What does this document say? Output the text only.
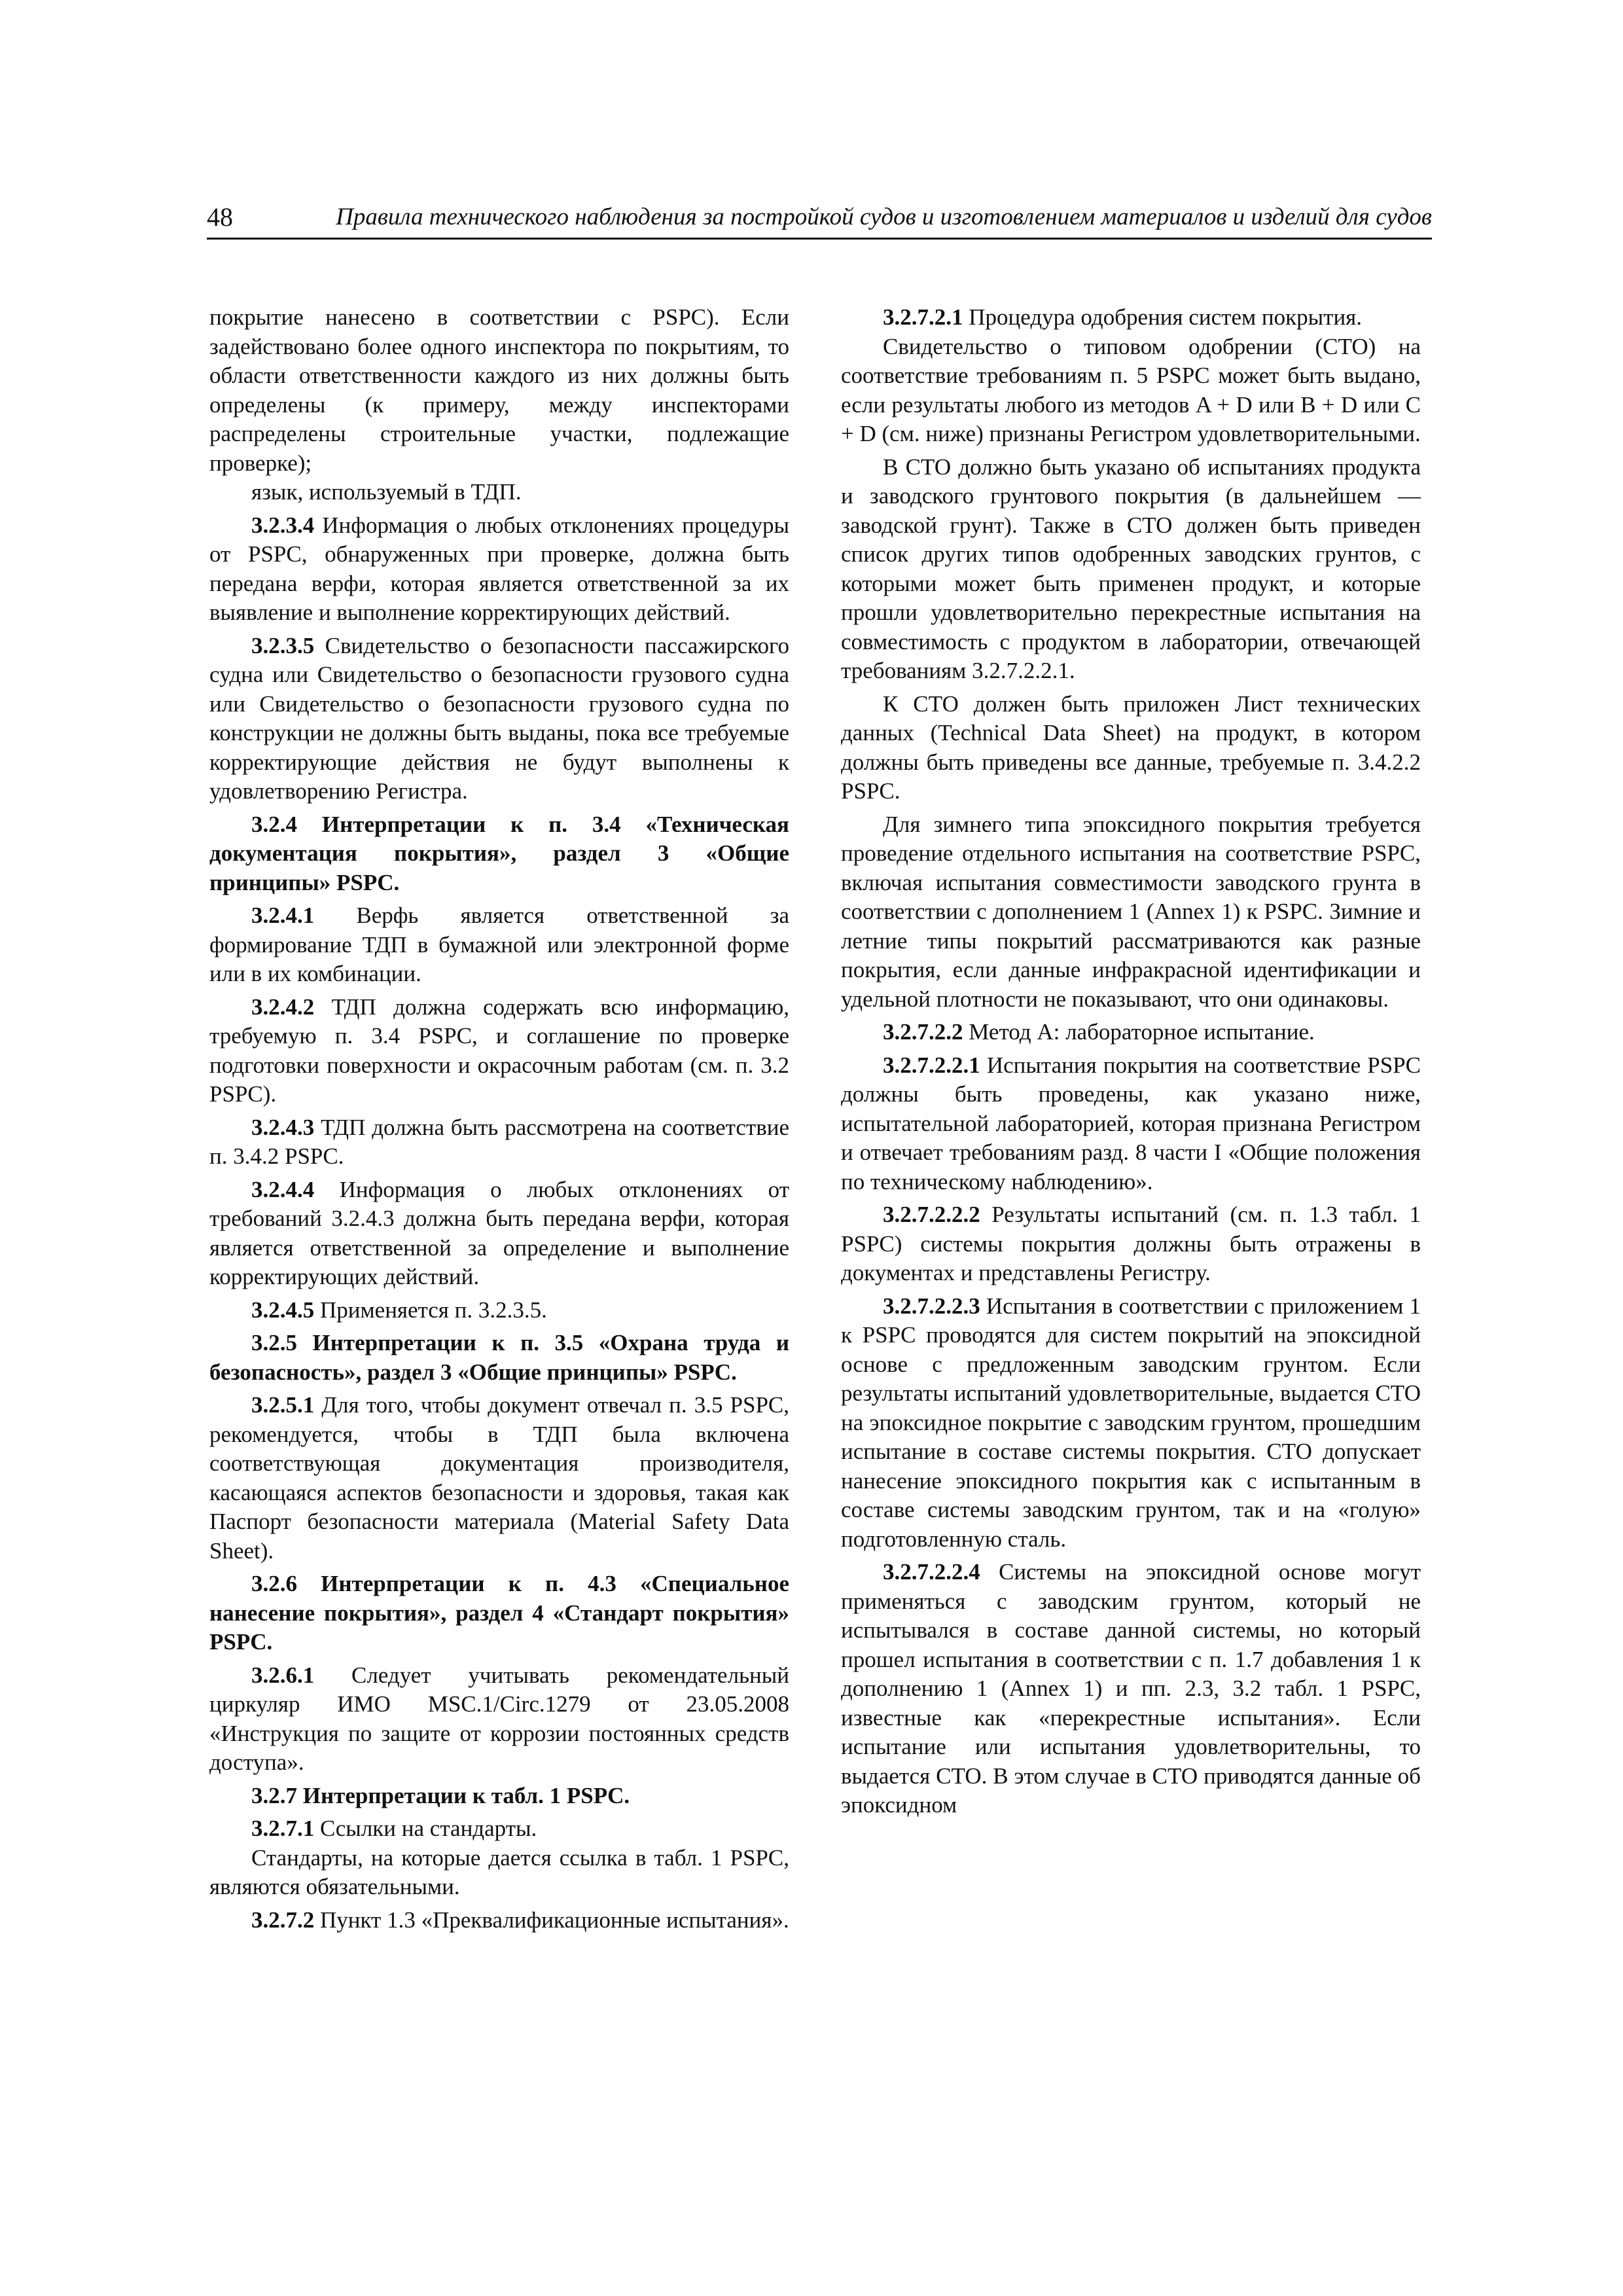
48	Правила технического наблюдения за постройкой судов и изготовлением материалов и изделий для судов

покрытие нанесено в соответствии с PSPC). Если задействовано более одного инспектора по покрытиям, то области ответственности каждого из них должны быть определены (к примеру, между инспекторами распределены строительные участки, подлежащие проверке);

язык, используемый в ТДП.

3.2.3.4 Информация о любых отклонениях процедуры от PSPC, обнаруженных при проверке, должна быть передана верфи, которая является ответственной за их выявление и выполнение корректирующих действий.

3.2.3.5 Свидетельство о безопасности пассажирского судна или Свидетельство о безопасности грузового судна или Свидетельство о безопасности грузового судна по конструкции не должны быть выданы, пока все требуемые корректирующие действия не будут выполнены к удовлетворению Регистра.

3.2.4 Интерпретации к п. 3.4 «Техническая документация покрытия», раздел 3 «Общие принципы» PSPC.

3.2.4.1 Верфь является ответственной за формирование ТДП в бумажной или электронной форме или в их комбинации.

3.2.4.2 ТДП должна содержать всю информацию, требуемую п. 3.4 PSPC, и соглашение по проверке подготовки поверхности и окрасочным работам (см. п. 3.2 PSPC).

3.2.4.3 ТДП должна быть рассмотрена на соответствие п. 3.4.2 PSPC.

3.2.4.4 Информация о любых отклонениях от требований 3.2.4.3 должна быть передана верфи, которая является ответственной за определение и выполнение корректирующих действий.

3.2.4.5 Применяется п. 3.2.3.5.

3.2.5 Интерпретации к п. 3.5 «Охрана труда и безопасность», раздел 3 «Общие принципы» PSPC.

3.2.5.1 Для того, чтобы документ отвечал п. 3.5 PSPC, рекомендуется, чтобы в ТДП была включена соответствующая документация производителя, касающаяся аспектов безопасности и здоровья, такая как Паспорт безопасности материала (Material Safety Data Sheet).

3.2.6 Интерпретации к п. 4.3 «Специальное нанесение покрытия», раздел 4 «Стандарт покрытия» PSPC.

3.2.6.1 Следует учитывать рекомендательный циркуляр ИМО MSC.1/Circ.1279 от 23.05.2008 «Инструкция по защите от коррозии постоянных средств доступа».

3.2.7 Интерпретации к табл. 1 PSPC.

3.2.7.1 Ссылки на стандарты.

Стандарты, на которые дается ссылка в табл. 1 PSPC, являются обязательными.

3.2.7.2 Пункт 1.3 «Преквалификационные испытания».

3.2.7.2.1 Процедура одобрения систем покрытия.

Свидетельство о типовом одобрении (СТО) на соответствие требованиям п. 5 PSPC может быть выдано, если результаты любого из методов A + D или B + D или C + D (см. ниже) признаны Регистром удовлетворительными.

В СТО должно быть указано об испытаниях продукта и заводского грунтового покрытия (в дальнейшем — заводской грунт). Также в СТО должен быть приведен список других типов одобренных заводских грунтов, с которыми может быть применен продукт, и которые прошли удовлетворительно перекрестные испытания на совместимость с продуктом в лаборатории, отвечающей требованиям 3.2.7.2.2.1.

К СТО должен быть приложен Лист технических данных (Technical Data Sheet) на продукт, в котором должны быть приведены все данные, требуемые п. 3.4.2.2 PSPC.

Для зимнего типа эпоксидного покрытия требуется проведение отдельного испытания на соответствие PSPC, включая испытания совместимости заводского грунта в соответствии с дополнением 1 (Annex 1) к PSPC. Зимние и летние типы покрытий рассматриваются как разные покрытия, если данные инфракрасной идентификации и удельной плотности не показывают, что они одинаковы.

3.2.7.2.2 Метод A: лабораторное испытание.

3.2.7.2.2.1 Испытания покрытия на соответствие PSPC должны быть проведены, как указано ниже, испытательной лабораторией, которая признана Регистром и отвечает требованиям разд. 8 части I «Общие положения по техническому наблюдению».

3.2.7.2.2.2 Результаты испытаний (см. п. 1.3 табл. 1 PSPC) системы покрытия должны быть отражены в документах и представлены Регистру.

3.2.7.2.2.3 Испытания в соответствии с приложением 1 к PSPC проводятся для систем покрытий на эпоксидной основе с предложенным заводским грунтом. Если результаты испытаний удовлетворительные, выдается СТО на эпоксидное покрытие с заводским грунтом, прошедшим испытание в составе системы покрытия. СТО допускает нанесение эпоксидного покрытия как с испытанным в составе системы заводским грунтом, так и на «голую» подготовленную сталь.

3.2.7.2.2.4 Системы на эпоксидной основе могут применяться с заводским грунтом, который не испытывался в составе данной системы, но который прошел испытания в соответствии с п. 1.7 добавления 1 к дополнению 1 (Annex 1) и пп. 2.3, 3.2 табл. 1 PSPC, известные как «перекрестные испытания». Если испытание или испытания удовлетворительны, то выдается СТО. В этом случае в СТО приводятся данные об эпоксидном
